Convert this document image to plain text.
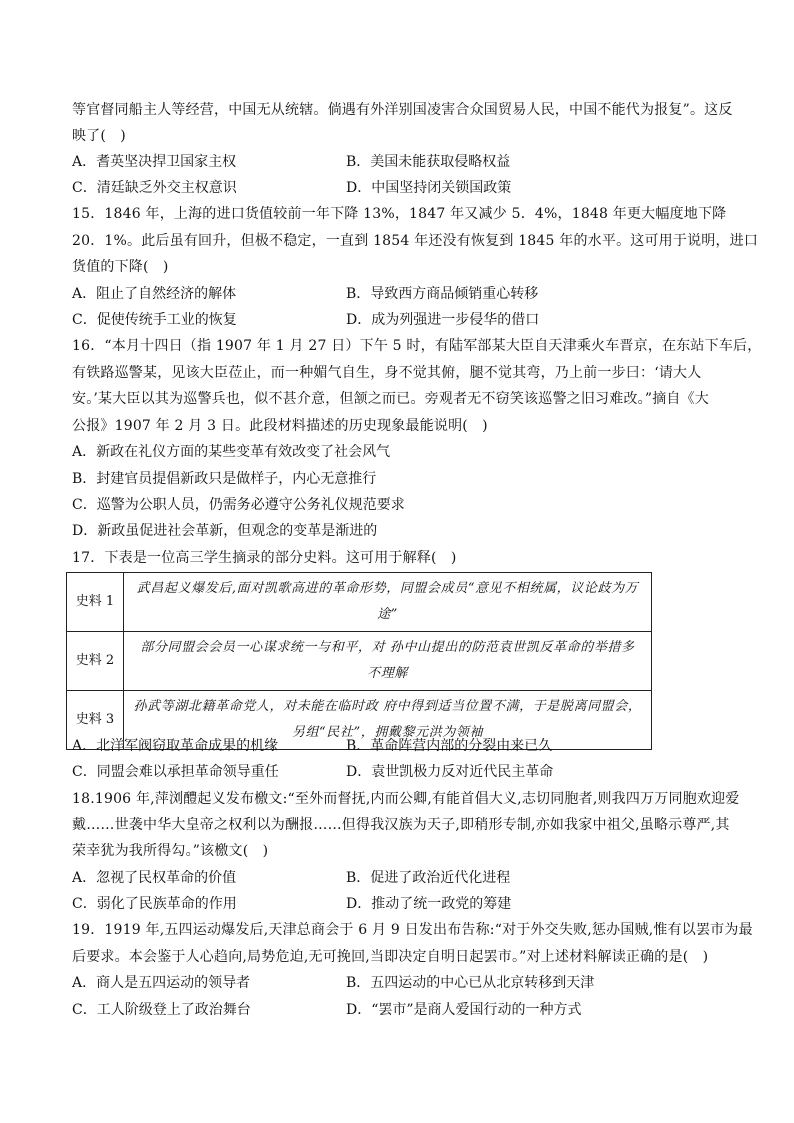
等官督同船主人等经营，中国无从统辖。倘遇有外洋别国凌害合众国贸易人民，中国不能代为报复”。这反
映了(　)
A．耆英坚决捍卫国家主权	B．美国未能获取侵略权益
C．清廷缺乏外交主权意识	D．中国坚持闭关锁国政策
15．1846 年，上海的进口货值较前一年下降 13%，1847 年又减少 5．4%，1848 年更大幅度地下降
20．1%。此后虽有回升，但极不稳定，一直到 1854 年还没有恢复到 1845 年的水平。这可用于说明，进口
货值的下降(　)
A．阻止了自然经济的解体	B．导致西方商品倾销重心转移
C．促使传统手工业的恢复	D．成为列强进一步侵华的借口
16．“本月十四日（指 1907 年 1 月 27 日）下午 5 时，有陆军部某大臣自天津乘火车晋京，在东站下车后，
有铁路巡警某，见该大臣莅止，而一种媚气自生，身不觉其俯，腿不觉其弯，乃上前一步曰：‘请大人
安。’某大臣以其为巡警兵也，似不甚介意，但颔之而已。旁观者无不窃笑该巡警之旧习难改。”摘自《大
公报》1907 年 2 月 3 日。此段材料描述的历史现象最能说明(　)
A．新政在礼仪方面的某些变革有效改变了社会风气
B．封建官员提倡新政只是做样子，内心无意推行
C．巡警为公职人员，仍需务必遵守公务礼仪规范要求
D．新政虽促进社会革新，但观念的变革是渐进的
17．下表是一位高三学生摘录的部分史料。这可用于解释(　)
史料 1	武昌起义爆发后,面对凯歌高进的革命形势，同盟会成员“意见不相统属，议论歧为万
途”

史料 2	部分同盟会会员一心谋求统一与和平，对 孙中山提出的防范袁世凯反革命的举措多
不理解

史料 3	孙武等湖北籍革命党人，对未能在临时政 府中得到适当位置不满，于是脱离同盟会，
另组“民社”，拥戴黎元洪为领袖
A．北洋军阀窃取革命成果的机缘	B．革命阵营内部的分裂由来已久
C．同盟会难以承担革命领导重任	D．袁世凯极力反对近代民主革命
18.1906 年,萍浏醴起义发布檄文:“至外而督抚,内而公卿,有能首倡大义,志切同胞者,则我四万万同胞欢迎爱
戴……世袭中华大皇帝之权利以为酬报……但得我汉族为天子,即稍形专制,亦如我家中祖父,虽略示尊严,其
荣幸犹为我所得勾。”该檄文(　)
A．忽视了民权革命的价值	B．促进了政治近代化进程
C．弱化了民族革命的作用	D．推动了统一政党的筹建
19．1919 年,五四运动爆发后,天津总商会于 6 月 9 日发出布告称:“对于外交失败,惩办国贼,惟有以罢市为最
后要求。本会鉴于人心趋向,局势危迫,无可挽回,当即决定自明日起罢市。”对上述材料解读正确的是(　)
A．商人是五四运动的领导者	B．五四运动的中心已从北京转移到天津
C．工人阶级登上了政治舞台	D．“罢市”是商人爱国行动的一种方式
